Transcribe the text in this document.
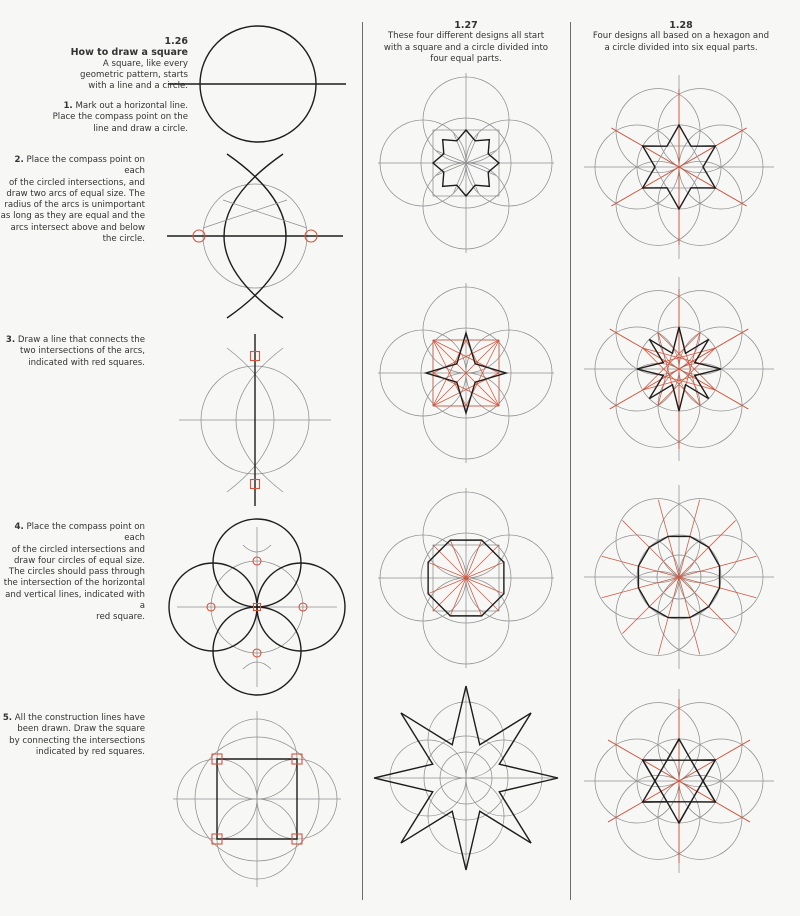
1.26
How to draw a square
A square, like every
geometric pattern, starts
with a line and a circle.
1. Mark out a horizontal line.
Place the compass point on the
line and draw a circle.
2. Place the compass point on each
of the circled intersections, and
draw two arcs of equal size. The
radius of the arcs is unimportant
as long as they are equal and the
arcs intersect above and below
the circle.
3. Draw a line that connects the
two intersections of the arcs,
indicated with red squares.
4. Place the compass point on each
of the circled intersections and
draw four circles of equal size.
The circles should pass through
the intersection of the horizontal
and vertical lines, indicated with a
red square.
5. All the construction lines have
been drawn. Draw the square
by connecting the intersections
indicated by red squares.
1.27
These four different designs all start
with a square and a circle divided into
four equal parts.
1.28
Four designs all based on a hexagon and
a circle divided into six equal parts.
